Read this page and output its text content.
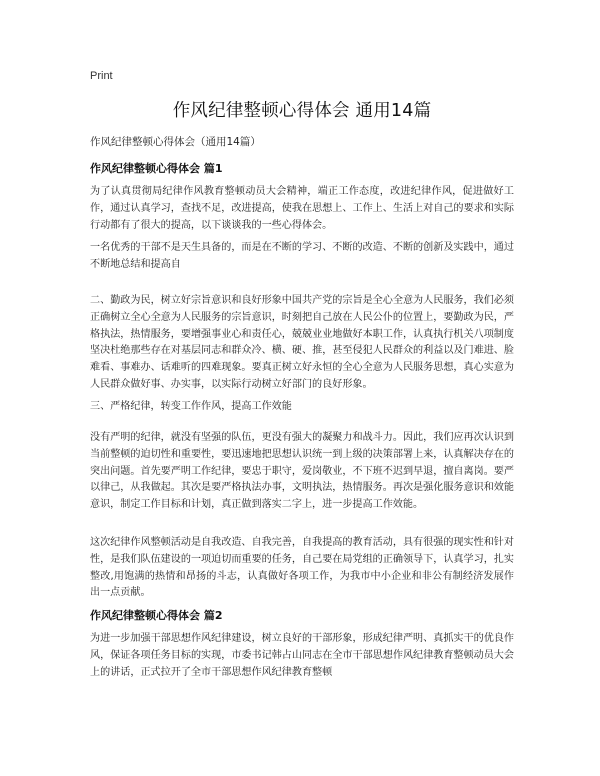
Print
作风纪律整顿心得体会 通用14篇

作风纪律整顿心得体会（通用14篇）

作风纪律整顿心得体会 篇1

为了认真贯彻局纪律作风教育整顿动员大会精神，端正工作态度，改进纪律作风，促进做好工作，通过认真学习，查找不足，改进提高，使我在思想上、工作上、生活上对自己的要求和实际行动都有了很大的提高，以下谈谈我的一些心得体会。

一名优秀的干部不是天生具备的，而是在不断的学习、不断的改造、不断的创新及实践中，通过不断地总结和提高自

二、勤政为民，树立好宗旨意识和良好形象中国共产党的宗旨是全心全意为人民服务，我们必须正确树立全心全意为人民服务的宗旨意识，时刻把自己放在人民公仆的位置上，要勤政为民，严格执法，热情服务，要增强事业心和责任心，兢兢业业地做好本职工作，认真执行机关八项制度坚决杜绝那些存在对基层同志和群众冷、横、硬、推，甚至侵犯人民群众的利益以及门难进、脸难看、事难办、话难听的四难现象。要真正树立好永恒的全心全意为人民服务思想，真心实意为人民群众做好事、办实事，以实际行动树立好部门的良好形象。

三、严格纪律，转变工作作风，提高工作效能

没有严明的纪律，就没有坚强的队伍，更没有强大的凝聚力和战斗力。因此，我们应再次认识到当前整顿的迫切性和重要性，要迅速地把思想认识统一到上级的决策部署上来，认真解决存在的突出问题。首先要严明工作纪律，要忠于职守，爱岗敬业，不下班不迟到早退，擅自离岗。要严以律己，从我做起。其次是要严格执法办事，文明执法，热情服务。再次是强化服务意识和效能意识，制定工作目标和计划，真正做到落实二字上，进一步提高工作效能。

这次纪律作风整顿活动是自我改造、自我完善，自我提高的教育活动，具有很强的现实性和针对性，是我们队伍建设的一项迫切而重要的任务，自己要在局党组的正确领导下，认真学习，扎实整改,用饱满的热情和昂扬的斗志，认真做好各项工作，为我市中小企业和非公有制经济发展作出一点贡献。

作风纪律整顿心得体会 篇2

为进一步加强干部思想作风纪律建设，树立良好的干部形象，形成纪律严明、真抓实干的优良作风，保证各项任务目标的实现，市委书记韩占山同志在全市干部思想作风纪律教育整顿动员大会上的讲话，正式拉开了全市干部思想作风纪律教育整顿
